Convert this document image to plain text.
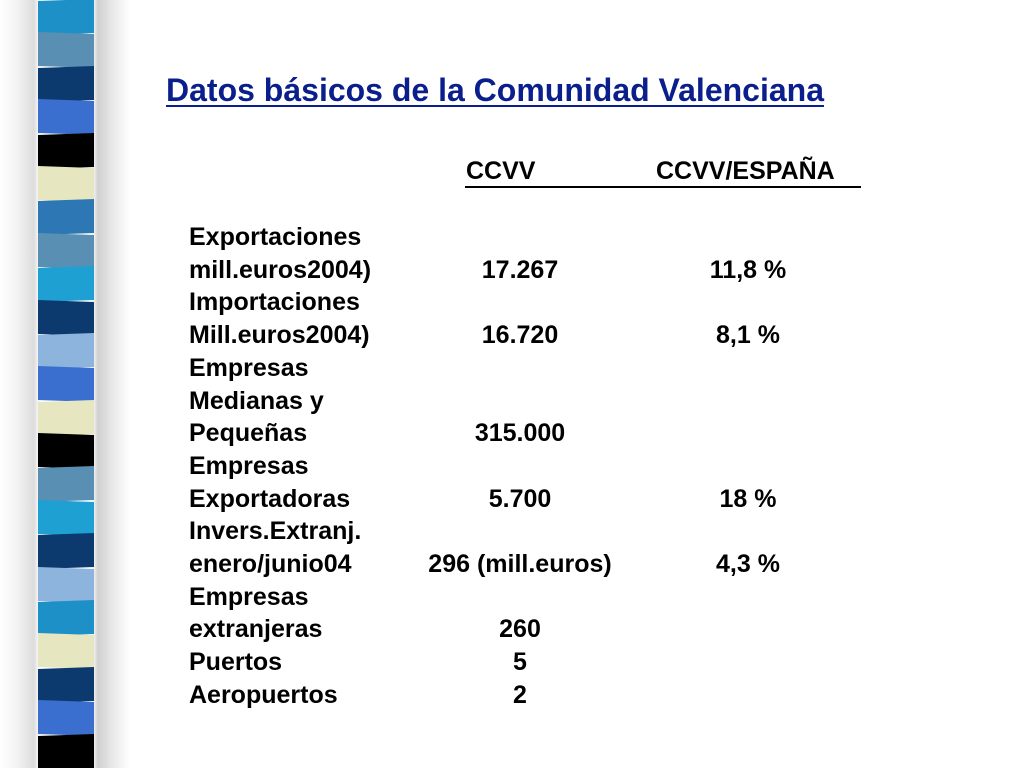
Datos básicos de la Comunidad Valenciana
CCVV	CCVV/ESPAÑA
Exportaciones
mill.euros2004)	17.267	11,8 %
Importaciones
Mill.euros2004)	16.720	8,1 %
Empresas
Medianas y
Pequeñas	315.000
Empresas
Exportadoras	5.700	18 %
Invers.Extranj.
enero/junio04	296 (mill.euros)	4,3 %
Empresas
extranjeras	260
Puertos	5
Aeropuertos	2
